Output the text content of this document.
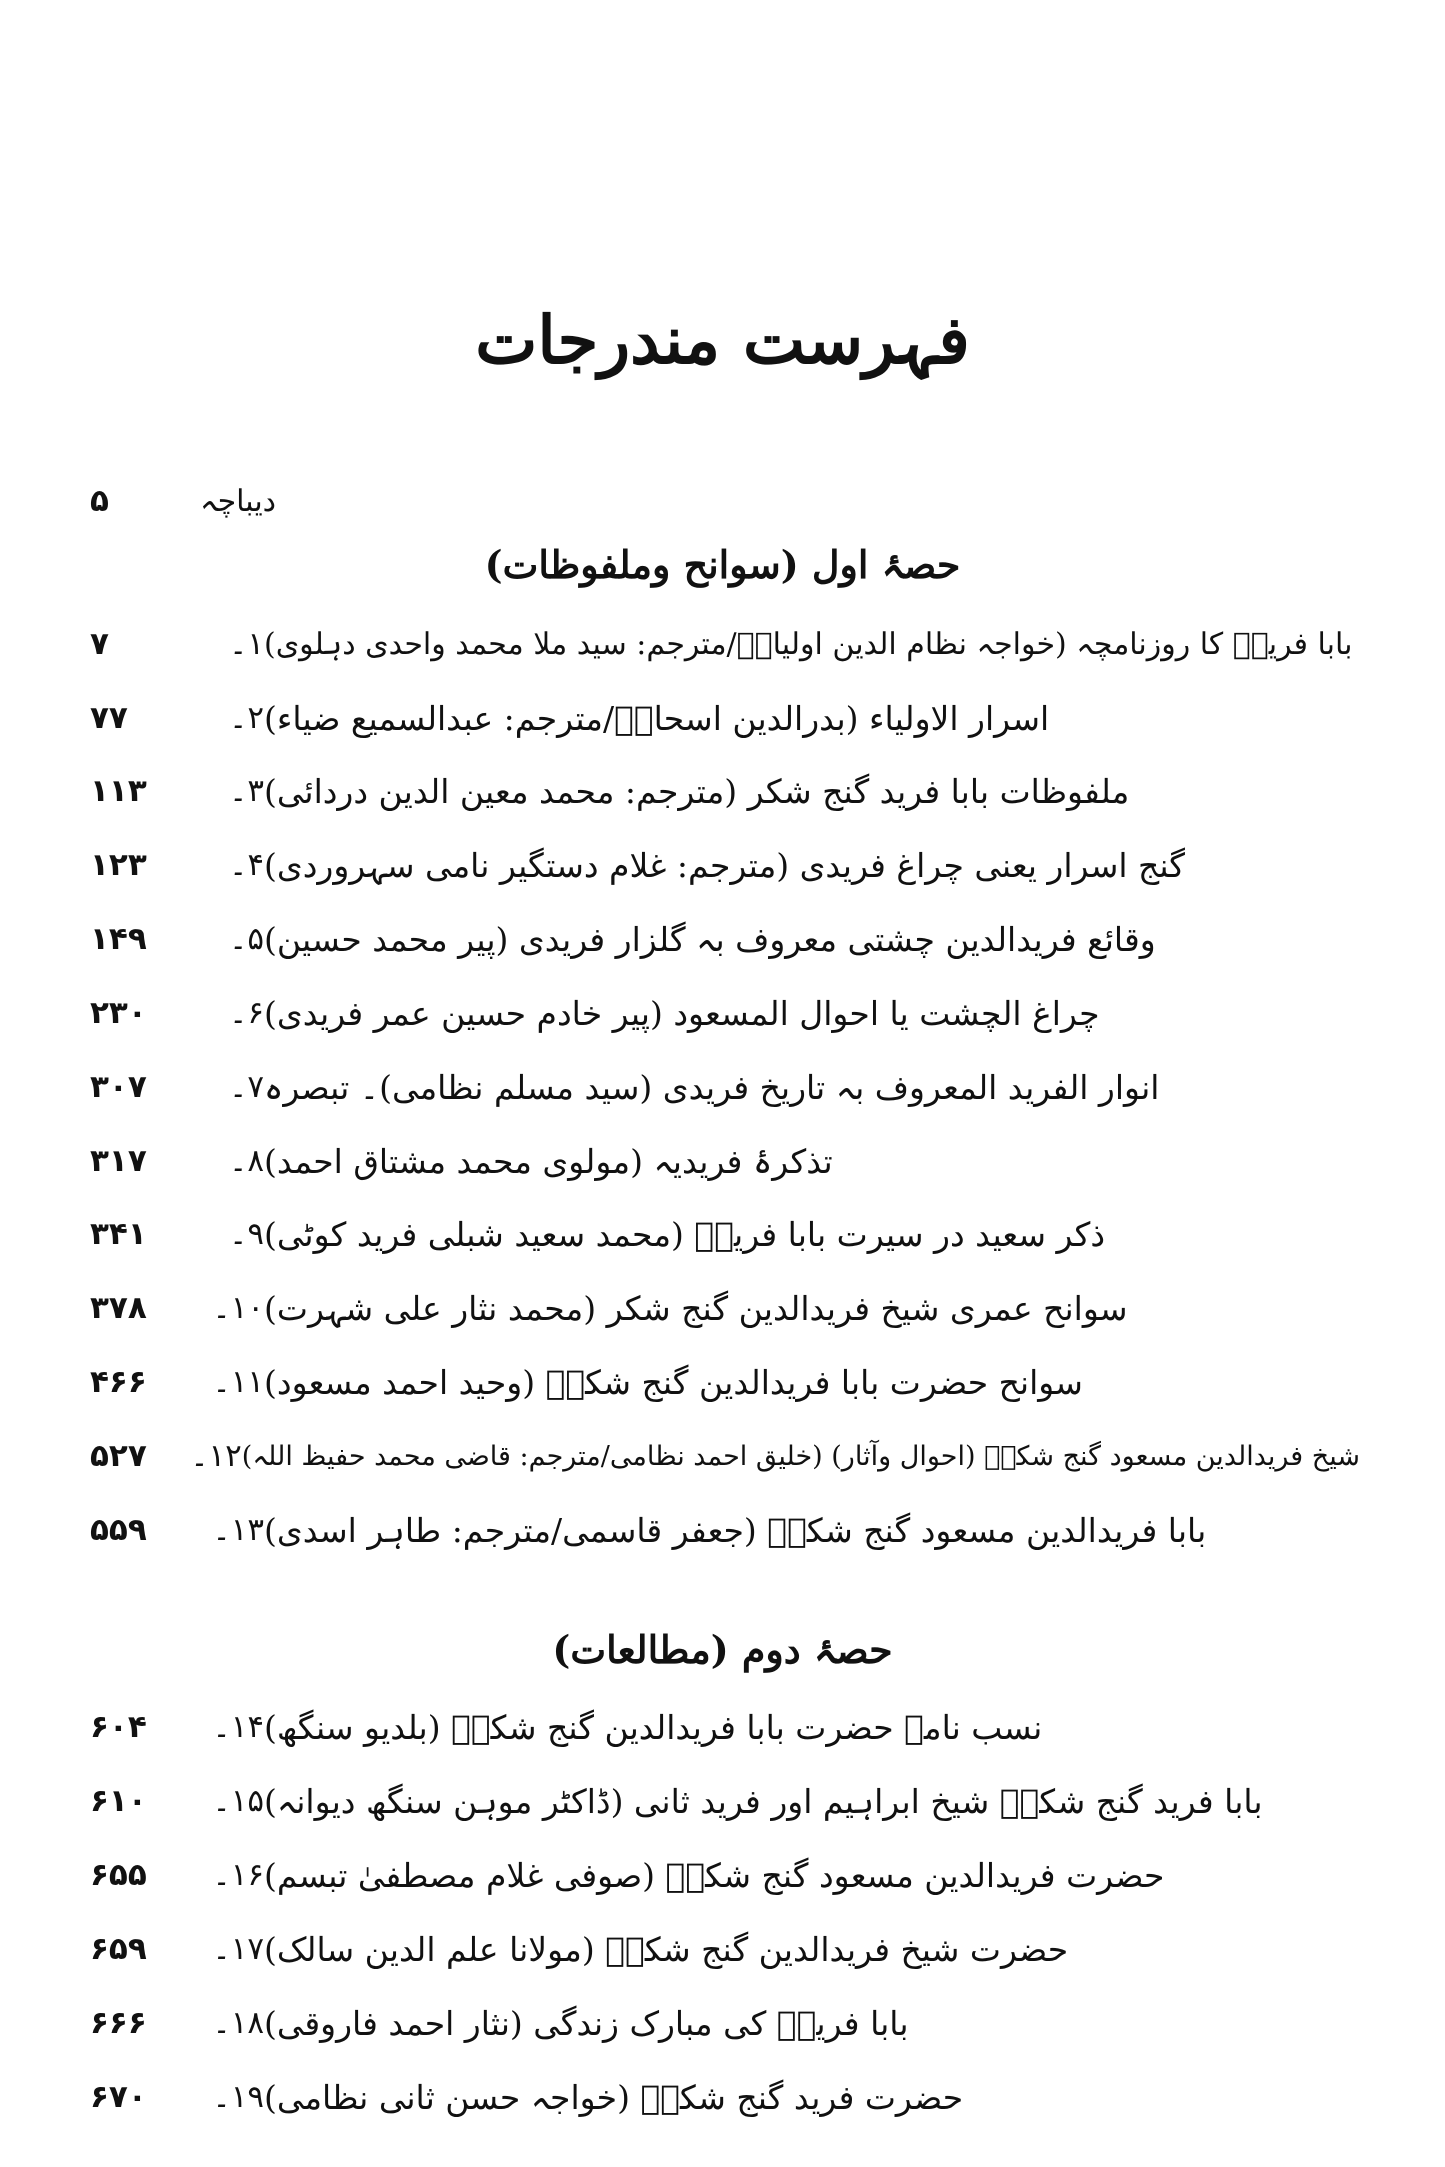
فہرست مندرجات
۵	دیباچہ
حصۂ اول (سوانح وملفوظات)
۷	۱۔ بابا فریدؒ کا روزنامچہ (خواجہ نظام الدین اولیاءؒ/مترجم: سید ملا محمد واحدی دہلوی)
۷۷	۲۔ اسرار الاولیاء (بدرالدین اسحاقؒ/مترجم: عبدالسمیع ضیاء)
۱۱۳	۳۔ ملفوظات بابا فرید گنج شکر (مترجم: محمد معین الدین دردائی)
۱۲۳	۴۔ گنج اسرار یعنی چراغ فریدی (مترجم: غلام دستگیر نامی سہروردی)
۱۴۹	۵۔ وقائع فریدالدین چشتی معروف بہ گلزار فریدی (پیر محمد حسین)
۲۳۰	۶۔ چراغ الچشت یا احوال المسعود (پیر خادم حسین عمر فریدی)
۳۰۷	۷۔ انوار الفرید المعروف بہ تاریخ فریدی (سید مسلم نظامی)۔ تبصرہ
۳۱۷	۸۔ تذکرۂ فریدیہ (مولوی محمد مشتاق احمد)
۳۴۱	۹۔ ذکر سعید در سیرت بابا فریدؒ (محمد سعید شبلی فرید کوٹی)
۳۷۸	۱۰۔ سوانح عمری شیخ فریدالدین گنج شکر (محمد نثار علی شہرت)
۴۶۶	۱۱۔ سوانح حضرت بابا فریدالدین گنج شکرؒ (وحید احمد مسعود)
۵۲۷	۱۲۔ شیخ فریدالدین مسعود گنج شکرؒ (احوال وآثار) (خلیق احمد نظامی/مترجم: قاضی محمد حفیظ اللہ)
۵۵۹	۱۳۔ بابا فریدالدین مسعود گنج شکرؒ (جعفر قاسمی/مترجم: طاہر اسدی)
حصۂ دوم (مطالعات)
۶۰۴	۱۴۔ نسب نامہ حضرت بابا فریدالدین گنج شکرؒ (بلدیو سنگھ)
۶۱۰	۱۵۔ بابا فرید گنج شکرؒ شیخ ابراہیم اور فرید ثانی (ڈاکٹر موہن سنگھ دیوانہ)
۶۵۵	۱۶۔ حضرت فریدالدین مسعود گنج شکرؒ (صوفی غلام مصطفیٰ تبسم)
۶۵۹	۱۷۔ حضرت شیخ فریدالدین گنج شکرؒ (مولانا علم الدین سالک)
۶۶۶	۱۸۔ بابا فریدؒ کی مبارک زندگی (نثار احمد فاروقی)
۶۷۰	۱۹۔ حضرت فرید گنج شکرؒ (خواجہ حسن ثانی نظامی)
